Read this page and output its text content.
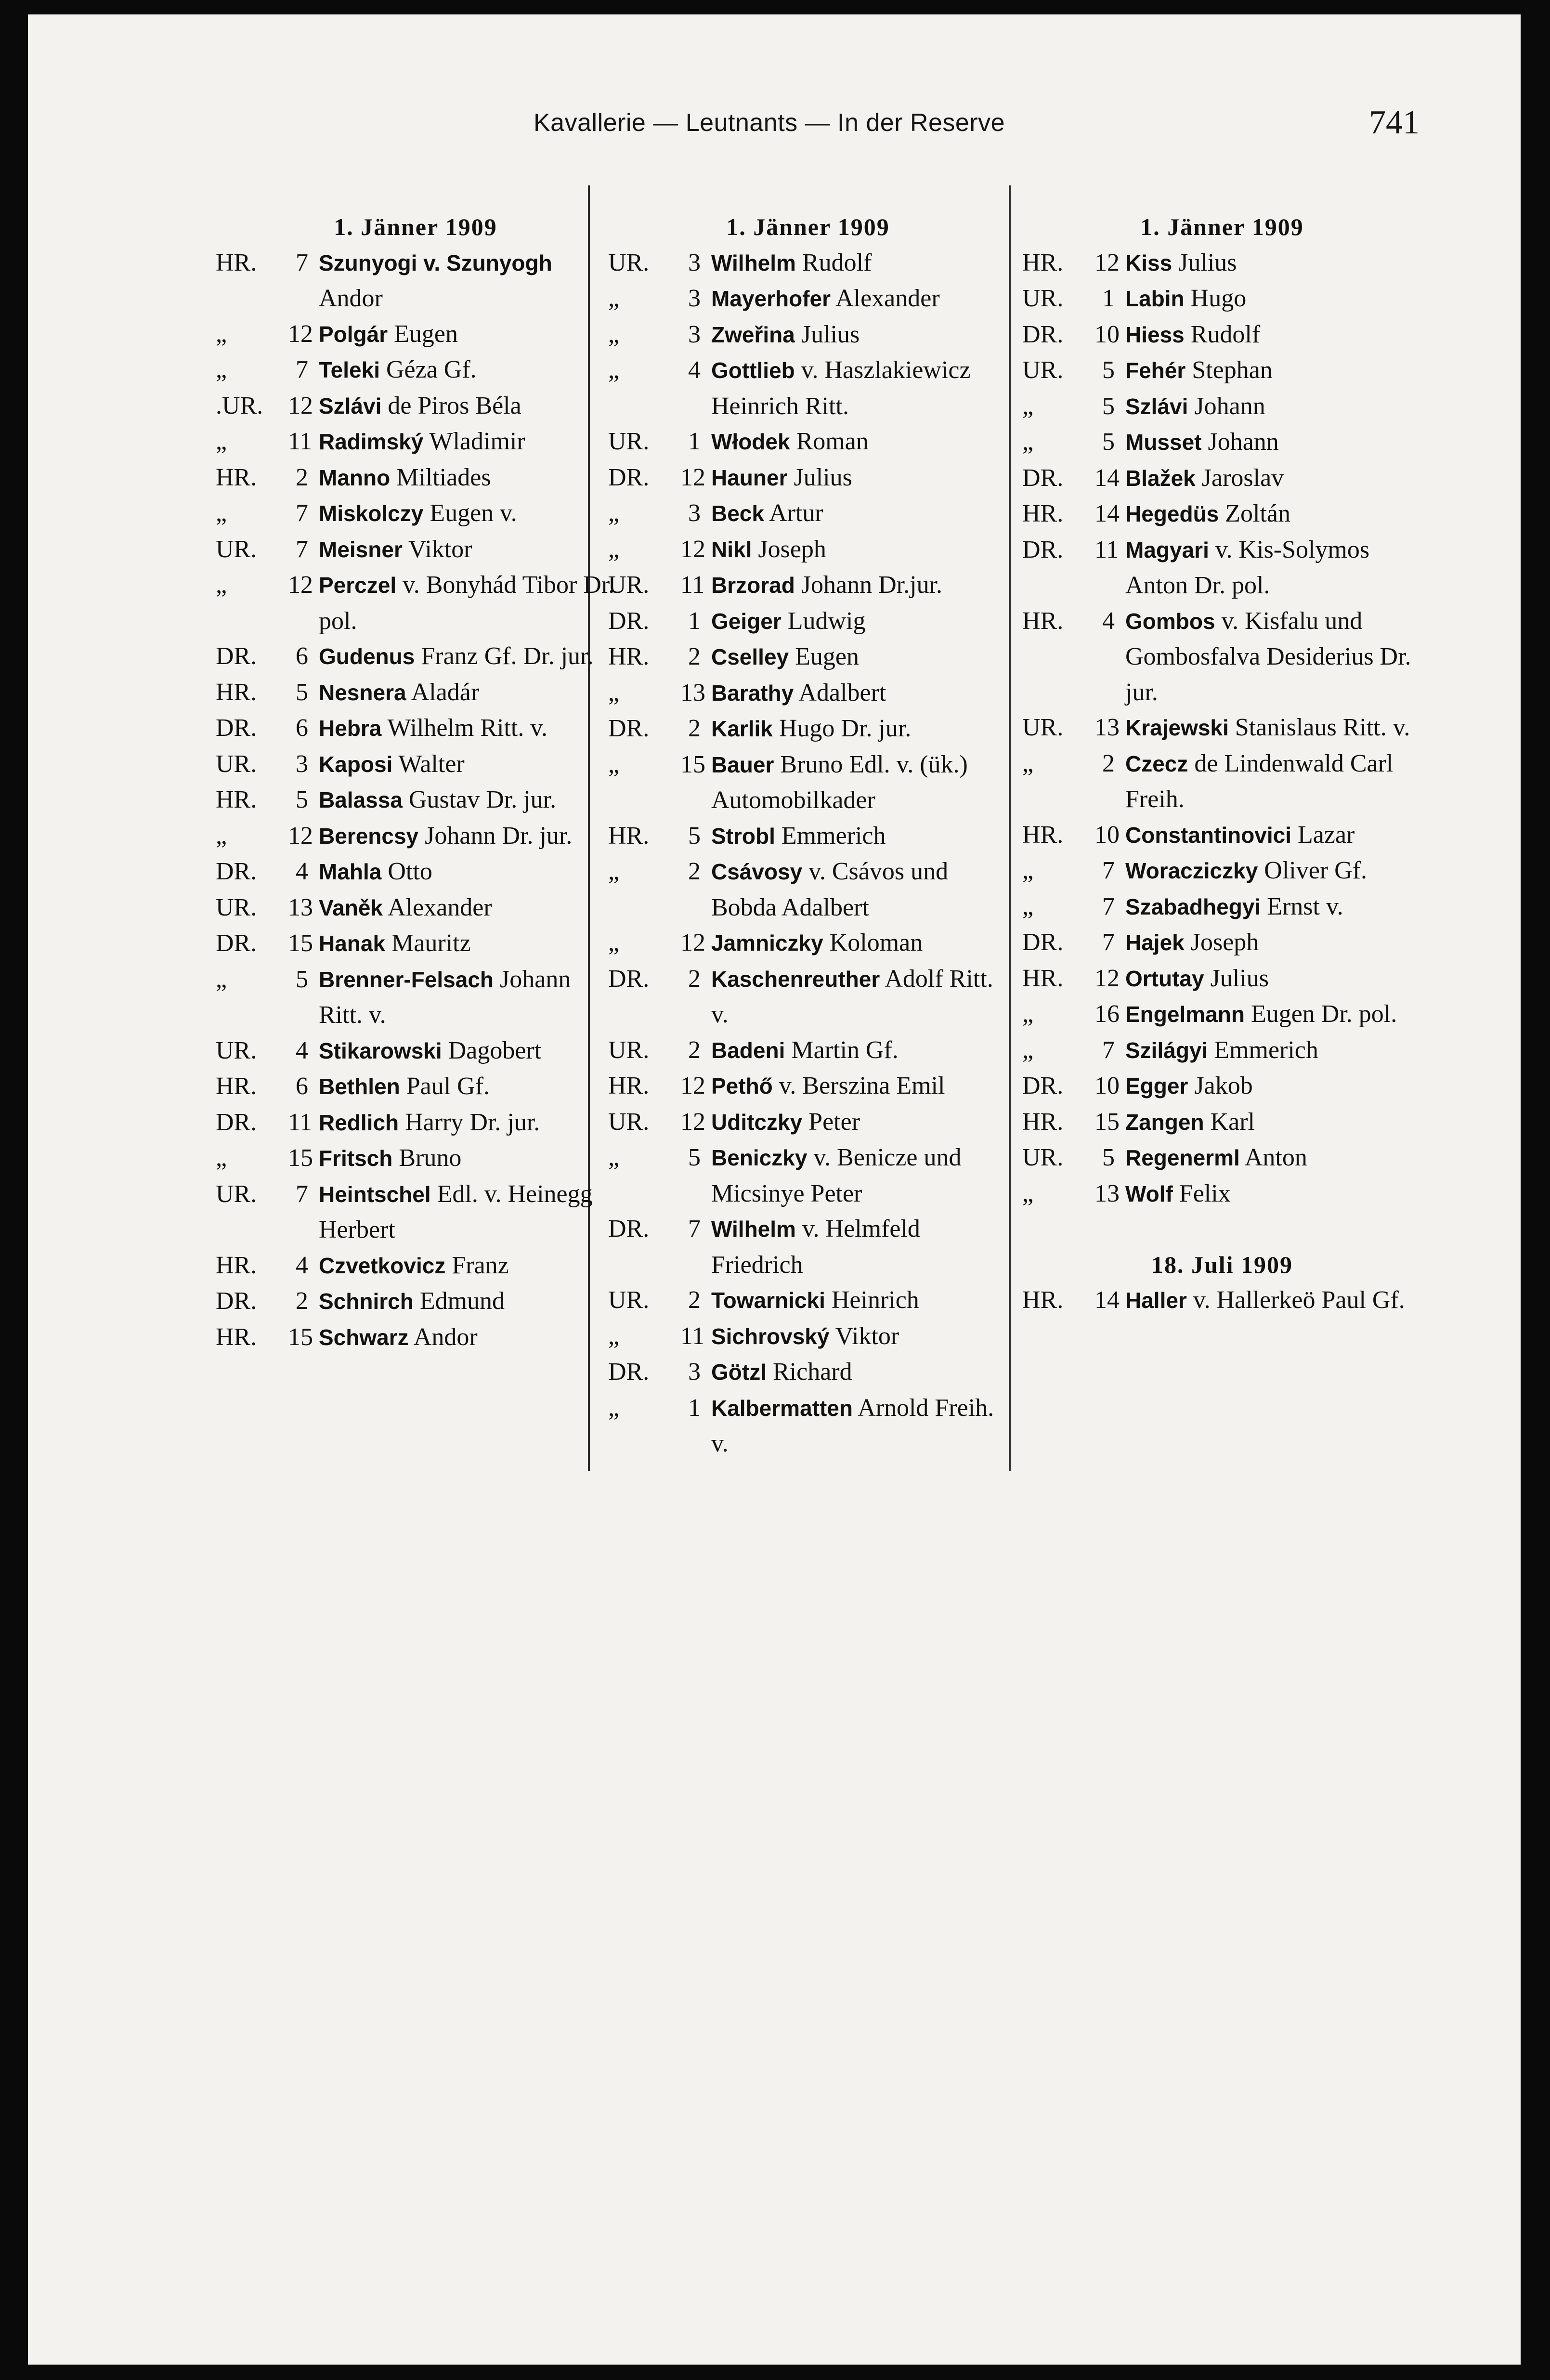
Kavallerie — Leutnants — In der Reserve	741
1. Jänner 1909
HR.	7 Szunyogi v. Szunyogh Andor
„	12 Polgár Eugen
„	7 Teleki Géza Gf.
.UR. 12 Szlávi de Piros Béla
„	11 Radimský Wladimir
HR.	2 Manno Miltiades
„	7 Miskolczy Eugen v.
UR.	7 Meisner Viktor
„	12 Perczel v. Bonyhád Tibor Dr. pol.
DR.	6 Gudenus Franz Gf. Dr. jur.
HR.	5 Nesnera Aladár
DR.	6 Hebra Wilhelm Ritt. v.
UR.	3 Kaposi Walter
HR.	5 Balassa Gustav Dr. jur.
„	12 Berencsy Johann Dr. jur.
DR.	4 Mahla Otto
UR.	13 Vaněk Alexander
DR.	15 Hanak Mauritz
„	5 Brenner-Felsach Johann Ritt. v.
UR.	4 Stikarowski Dagobert
HR.	6 Bethlen Paul Gf.
DR.	11 Redlich Harry Dr. jur.
„	15 Fritsch Bruno
UR.	7 Heintschel Edl. v. Heinegg Herbert
HR.	4 Czvetkovicz Franz
DR.	2 Schnirch Edmund
HR.	15 Schwarz Andor
1. Jänner 1909
UR.	3 Wilhelm Rudolf
„	3 Mayerhofer Alexander
„	3 Zweřina Julius
„	4 Gottlieb v. Haszlakiewicz Heinrich Ritt.
UR.	1 Włodek Roman
DR.	12 Hauner Julius
„	3 Beck Artur
„	12 Nikl Joseph
UR.	11 Brzorad Johann Dr.jur.
DR.	1 Geiger Ludwig
HR.	2 Cselley Eugen
„	13 Barathy Adalbert
DR.	2 Karlik Hugo Dr. jur.
„	15 Bauer Bruno Edl. v. (ük.) Automobilkader
HR.	5 Strobl Emmerich
„	2 Csávosy v. Csávos und Bobda Adalbert
„	12 Jamniczky Koloman
DR.	2 Kaschenreuther Adolf Ritt. v.
UR.	2 Badeni Martin Gf.
HR.	12 Pethő v. Berszina Emil
UR.	12 Uditczky Peter
„	5 Beniczky v. Benicze und Micsinye Peter
DR.	7 Wilhelm v. Helmfeld Friedrich
UR.	2 Towarnicki Heinrich
„	11 Sichrovský Viktor
DR.	3 Götzl Richard
„	1 Kalbermatten Arnold Freih. v.
1. Jänner 1909
HR.	12 Kiss Julius
UR.	1 Labin Hugo
DR.	10 Hiess Rudolf
UR.	5 Fehér Stephan
„	5 Szlávi Johann
„	5 Musset Johann
DR.	14 Blažek Jaroslav
HR.	14 Hegedüs Zoltán
DR.	11 Magyari v. Kis-Solymos Anton Dr. pol.
HR.	4 Gombos v. Kisfalu und Gombosfalva Desiderius Dr. jur.
UR.	13 Krajewski Stanislaus Ritt. v.
„	2 Czecz de Lindenwald Carl Freih.
HR.	10 Constantinovici Lazar
„	7 Woracziczky Oliver Gf.
„	7 Szabadhegyi Ernst v.
DR.	7 Hajek Joseph
HR.	12 Ortutay Julius
„	16 Engelmann Eugen Dr. pol.
„	7 Szilágyi Emmerich
DR.	10 Egger Jakob
HR.	15 Zangen Karl
UR.	5 Regenerml Anton
„	13 Wolf Felix
18. Juli 1909
HR.	14 Haller v. Hallerkeö Paul Gf.
